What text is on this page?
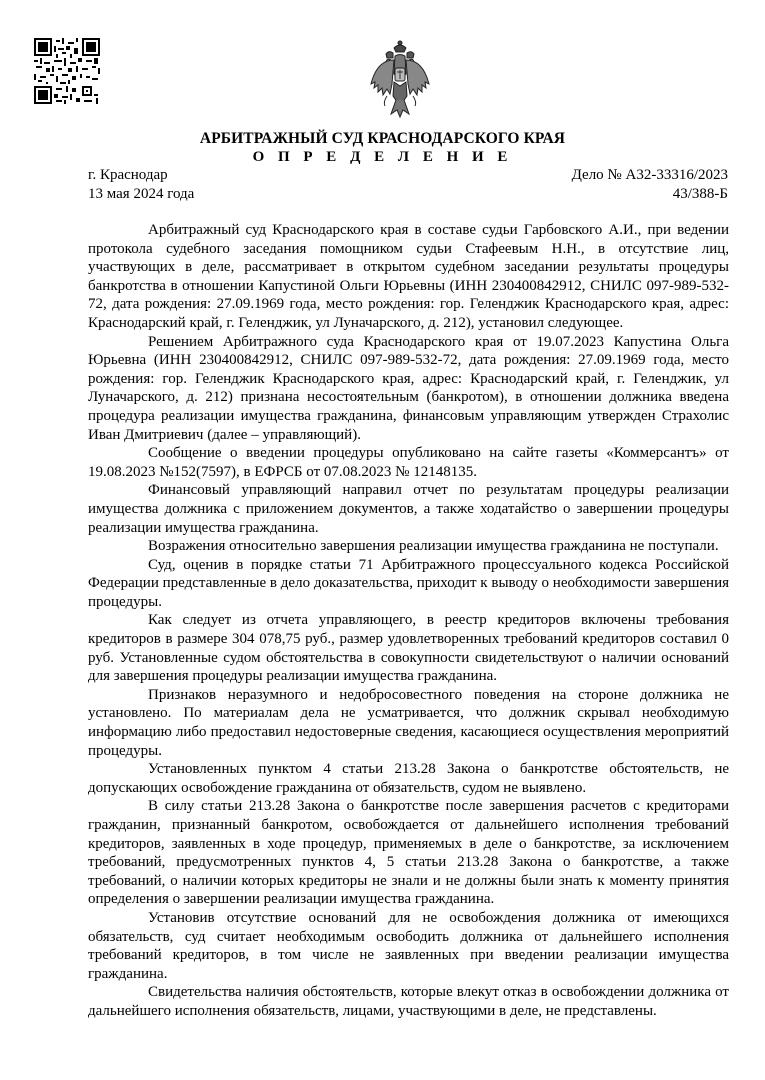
АРБИТРАЖНЫЙ СУД КРАСНОДАРСКОГО КРАЯ
О П Р Е Д Е Л Е Н И Е
г. Краснодар
13 мая 2024 года
Дело № А32-33316/2023
43/388-Б

Арбитражный суд Краснодарского края в составе судьи Гарбовского А.И., при ведении протокола судебного заседания помощником судьи Стафеевым Н.Н., в отсутствие лиц, участвующих в деле, рассматривает в открытом судебном заседании результаты процедуры банкротства в отношении Капустиной Ольги Юрьевны (ИНН 230400842912, СНИЛС 097-989-532-72, дата рождения: 27.09.1969 года, место рождения: гор. Геленджик Краснодарского края, адрес: Краснодарский край, г. Геленджик, ул Луначарского, д. 212), установил следующее.

Решением Арбитражного суда Краснодарского края от 19.07.2023 Капустина Ольга Юрьевна (ИНН 230400842912, СНИЛС 097-989-532-72, дата рождения: 27.09.1969 года, место рождения: гор. Геленджик Краснодарского края, адрес: Краснодарский край, г. Геленджик, ул Луначарского, д. 212) признана несостоятельным (банкротом), в отношении должника введена процедура реализации имущества гражданина, финансовым управляющим утвержден Страхолис Иван Дмитриевич (далее – управляющий).

Сообщение о введении процедуры опубликовано на сайте газеты «Коммерсантъ» от 19.08.2023 №152(7597), в ЕФРСБ от 07.08.2023 № 12148135.

Финансовый управляющий направил отчет по результатам процедуры реализации имущества должника с приложением документов, а также ходатайство о завершении процедуры реализации имущества гражданина.

Возражения относительно завершения реализации имущества гражданина не поступали.

Суд, оценив в порядке статьи 71 Арбитражного процессуального кодекса Российской Федерации представленные в дело доказательства, приходит к выводу о необходимости завершения процедуры.

Как следует из отчета управляющего, в реестр кредиторов включены требования кредиторов в размере 304 078,75 руб., размер удовлетворенных требований кредиторов составил 0 руб. Установленные судом обстоятельства в совокупности свидетельствуют о наличии оснований для завершения процедуры реализации имущества гражданина.

Признаков неразумного и недобросовестного поведения на стороне должника не установлено. По материалам дела не усматривается, что должник скрывал необходимую информацию либо предоставил недостоверные сведения, касающиеся осуществления мероприятий процедуры.

Установленных пунктом 4 статьи 213.28 Закона о банкротстве обстоятельств, не допускающих освобождение гражданина от обязательств, судом не выявлено.

В силу статьи 213.28 Закона о банкротстве после завершения расчетов с кредиторами гражданин, признанный банкротом, освобождается от дальнейшего исполнения требований кредиторов, заявленных в ходе процедур, применяемых в деле о банкротстве, за исключением требований, предусмотренных пунктов 4, 5 статьи 213.28 Закона о банкротстве, а также требований, о наличии которых кредиторы не знали и не должны были знать к моменту принятия определения о завершении реализации имущества гражданина.

Установив отсутствие оснований для не освобождения должника от имеющихся обязательств, суд считает необходимым освободить должника от дальнейшего исполнения требований кредиторов, в том числе не заявленных при введении реализации имущества гражданина.

Свидетельства наличия обстоятельств, которые влекут отказ в освобождении должника от дальнейшего исполнения обязательств, лицами, участвующими в деле, не представлены.
